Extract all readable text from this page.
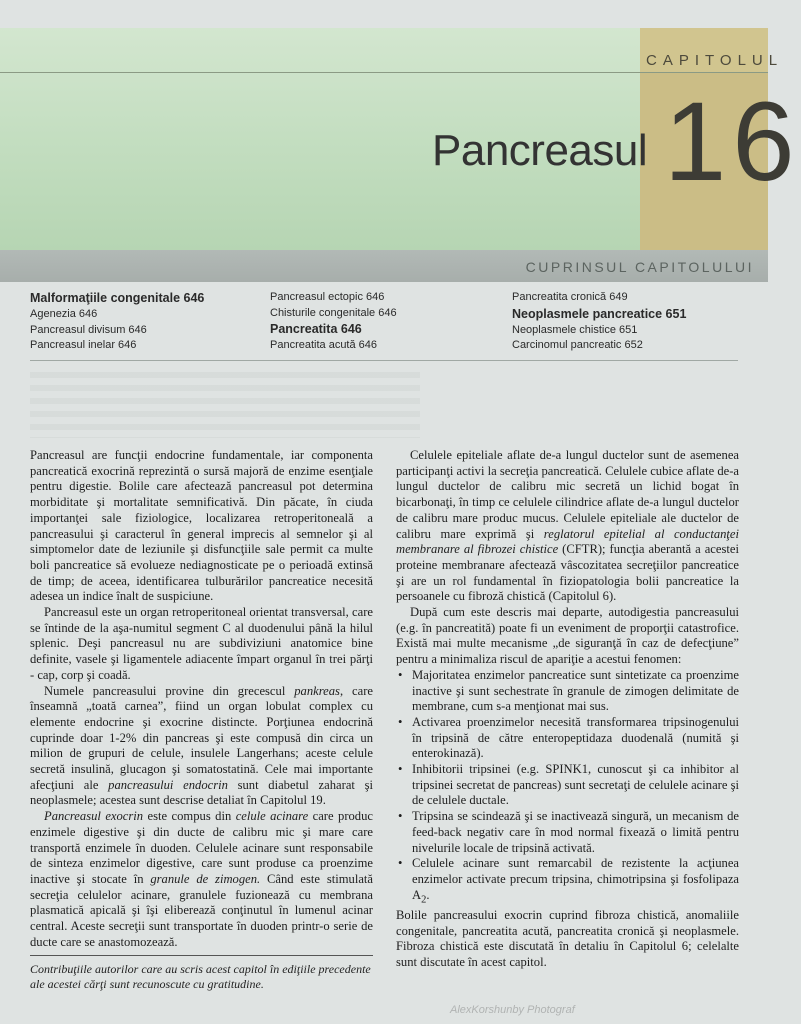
CAPITOLUL
16
Pancreasul
CUPRINSUL CAPITOLULUI
Malformaţiile congenitale 646
Agenezia 646
Pancreasul divisum 646
Pancreasul inelar 646
Pancreasul ectopic 646
Chisturile congenitale 646
Pancreatita 646
Pancreatita acută 646
Pancreatita cronică 649
Neoplasmele pancreatice 651
Neoplasmele chistice 651
Carcinomul pancreatic 652

Pancreasul are funcţii endocrine fundamentale, iar componenta pancreatică exocrină reprezintă o sursă majoră de enzime esenţiale pentru digestie. Bolile care afectează pancreasul pot determina morbiditate şi mortalitate semnificativă. Din păcate, în ciuda importanţei sale fiziologice, localizarea retroperitoneală a pancreasului şi caracterul în general imprecis al semnelor şi al simptomelor date de leziunile şi disfuncţiile sale permit ca multe boli pancreatice să evolueze nediagnosticate pe o perioadă extinsă de timp; de aceea, identificarea tulburărilor pancreatice necesită adesea un indice înalt de suspiciune.

Pancreasul este un organ retroperitoneal orientat transversal, care se întinde de la aşa-numitul segment C al duodenului până la hilul splenic. Deşi pancreasul nu are subdiviziuni anatomice bine definite, vasele şi ligamentele adiacente împart organul în trei părţi - cap, corp şi coadă.

Numele pancreasului provine din grecescul pankreas, care înseamnă „toată carnea”, fiind un organ lobulat complex cu elemente endocrine şi exocrine distincte. Porţiunea endocrină cuprinde doar 1-2% din pancreas şi este compusă din circa un milion de grupuri de celule, insulele Langerhans; aceste celule secretă insulină, glucagon şi somatostatină. Cele mai importante afecţiuni ale pancreasului endocrin sunt diabetul zaharat şi neoplasmele; acestea sunt descrise detaliat în Capitolul 19.

Pancreasul exocrin este compus din celule acinare care produc enzimele digestive şi din ducte de calibru mic şi mare care transportă enzimele în duoden. Celulele acinare sunt responsabile de sinteza enzimelor digestive, care sunt produse ca proenzime inactive şi stocate în granule de zimogen. Când este stimulată secreţia celulelor acinare, granulele fuzionează cu membrana plasmatică apicală şi îşi eliberează conţinutul în lumenul acinar central. Aceste secreţii sunt transportate în duoden printr-o serie de ducte care se anastomozează.

Celulele epiteliale aflate de-a lungul ductelor sunt de asemenea participanţi activi la secreţia pancreatică. Celulele cubice aflate de-a lungul ductelor de calibru mic secretă un lichid bogat în bicarbonaţi, în timp ce celulele cilindrice aflate de-a lungul ductelor de calibru mare produc mucus. Celulele epiteliale ale ductelor de calibru mare exprimă şi reglatorul epitelial al conductanţei membranare al fibrozei chistice (CFTR); funcţia aberantă a acestei proteine membranare afectează vâscozitatea secreţiilor pancreatice şi are un rol fundamental în fiziopatologia bolii pancreatice la persoanele cu fibroză chistică (Capitolul 6).

După cum este descris mai departe, autodigestia pancreasului (e.g. în pancreatită) poate fi un eveniment de proporţii catastrofice. Există mai multe mecanisme „de siguranţă în caz de defecţiune” pentru a minimaliza riscul de apariţie a acestui fenomen:

• Majoritatea enzimelor pancreatice sunt sintetizate ca proenzime inactive şi sunt sechestrate în granule de zimogen delimitate de membrane, cum s-a menţionat mai sus.
• Activarea proenzimelor necesită transformarea tripsinogenului în tripsină de către enteropeptidaza duodenală (numită şi enterokinază).
• Inhibitorii tripsinei (e.g. SPINK1, cunoscut şi ca inhibitor al tripsinei secretat de pancreas) sunt secretaţi de celulele acinare şi de celulele ductale.
• Tripsina se scindează şi se inactivează singură, un mecanism de feed-back negativ care în mod normal fixează o limită pentru nivelurile locale de tripsină activată.
• Celulele acinare sunt remarcabil de rezistente la acţiunea enzimelor activate precum tripsina, chimotripsina şi fosfolipaza $A_2$.

Bolile pancreasului exocrin cuprind fibroza chistică, anomaliile congenitale, pancreatita acută, pancreatita cronică şi neoplasmele. Fibroza chistică este discutată în detaliu în Capitolul 6; celelalte sunt discutate în acest capitol.

Contribuţiile autorilor care au scris acest capitol în ediţiile precedente ale acestei cărţi sunt recunoscute cu gratitudine.
AlexKorshunby Photograf
